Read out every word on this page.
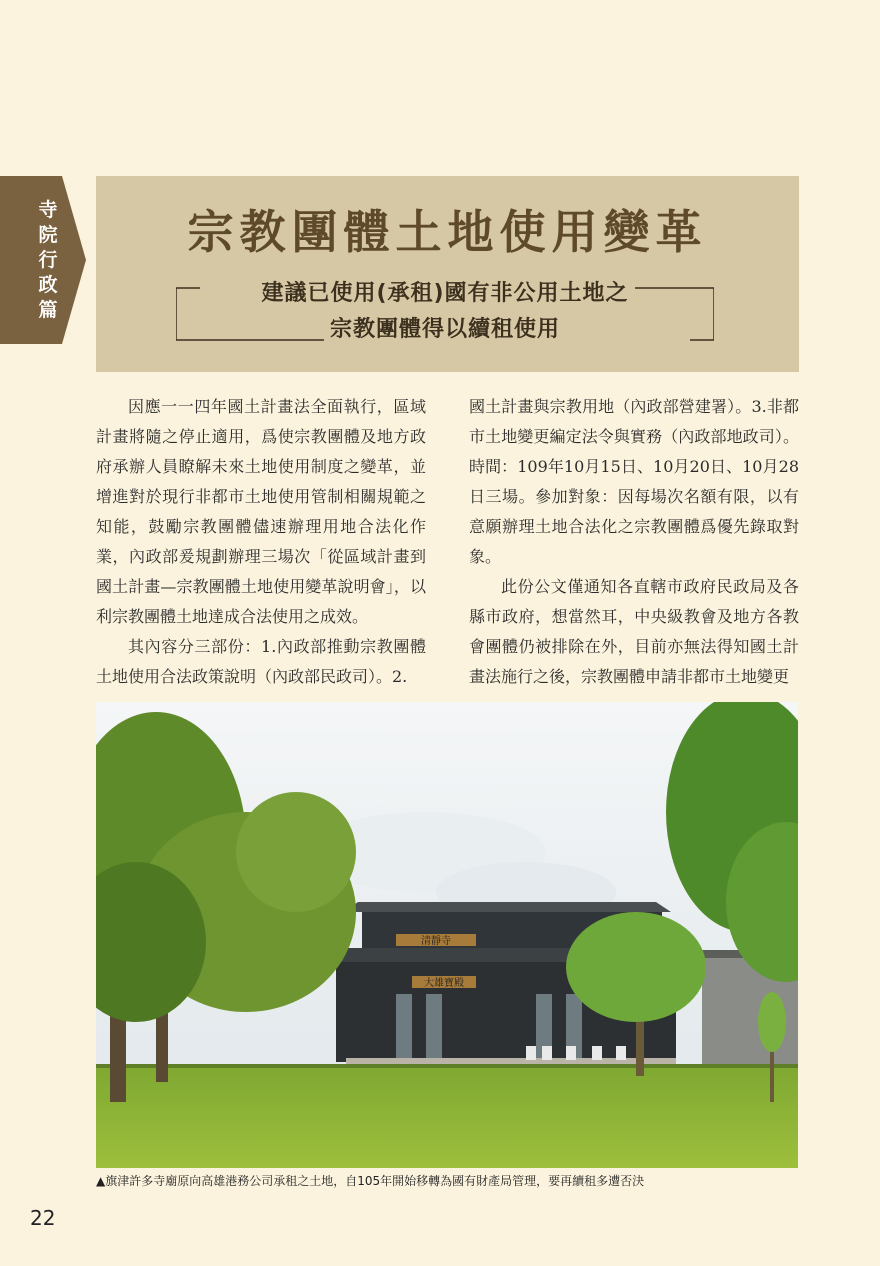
寺院行政篇
宗教團體土地使用變革
建議已使用(承租)國有非公用土地之
宗教團體得以續租使用

因應一一四年國土計畫法全面執行，區域計畫將隨之停止適用，爲使宗教團體及地方政府承辦人員瞭解未來土地使用制度之變革，並增進對於現行非都市土地使用管制相關規範之知能，鼓勵宗教團體儘速辦理用地合法化作業，內政部爰規劃辦理三場次「從區域計畫到國土計畫—宗教團體土地使用變革說明會」，以利宗教團體土地達成合法使用之成效。

其內容分三部份：1.內政部推動宗教團體土地使用合法政策說明（內政部民政司）。2.

國土計畫與宗教用地（內政部營建署）。3.非都市土地變更編定法令與實務（內政部地政司）。時間：109年10月15日、10月20日、10月28日三場。參加對象：因每場次名額有限，以有意願辦理土地合法化之宗教團體爲優先錄取對象。

此份公文僅通知各直轄市政府民政局及各縣市政府，想當然耳，中央級教會及地方各教會團體仍被排除在外，目前亦無法得知國土計畫法施行之後，宗教團體申請非都市土地變更

清靜寺
大雄寶殿
▲旗津許多寺廟原向高雄港務公司承租之土地，自105年開始移轉為國有財產局管理，要再續租多遭否決
22
